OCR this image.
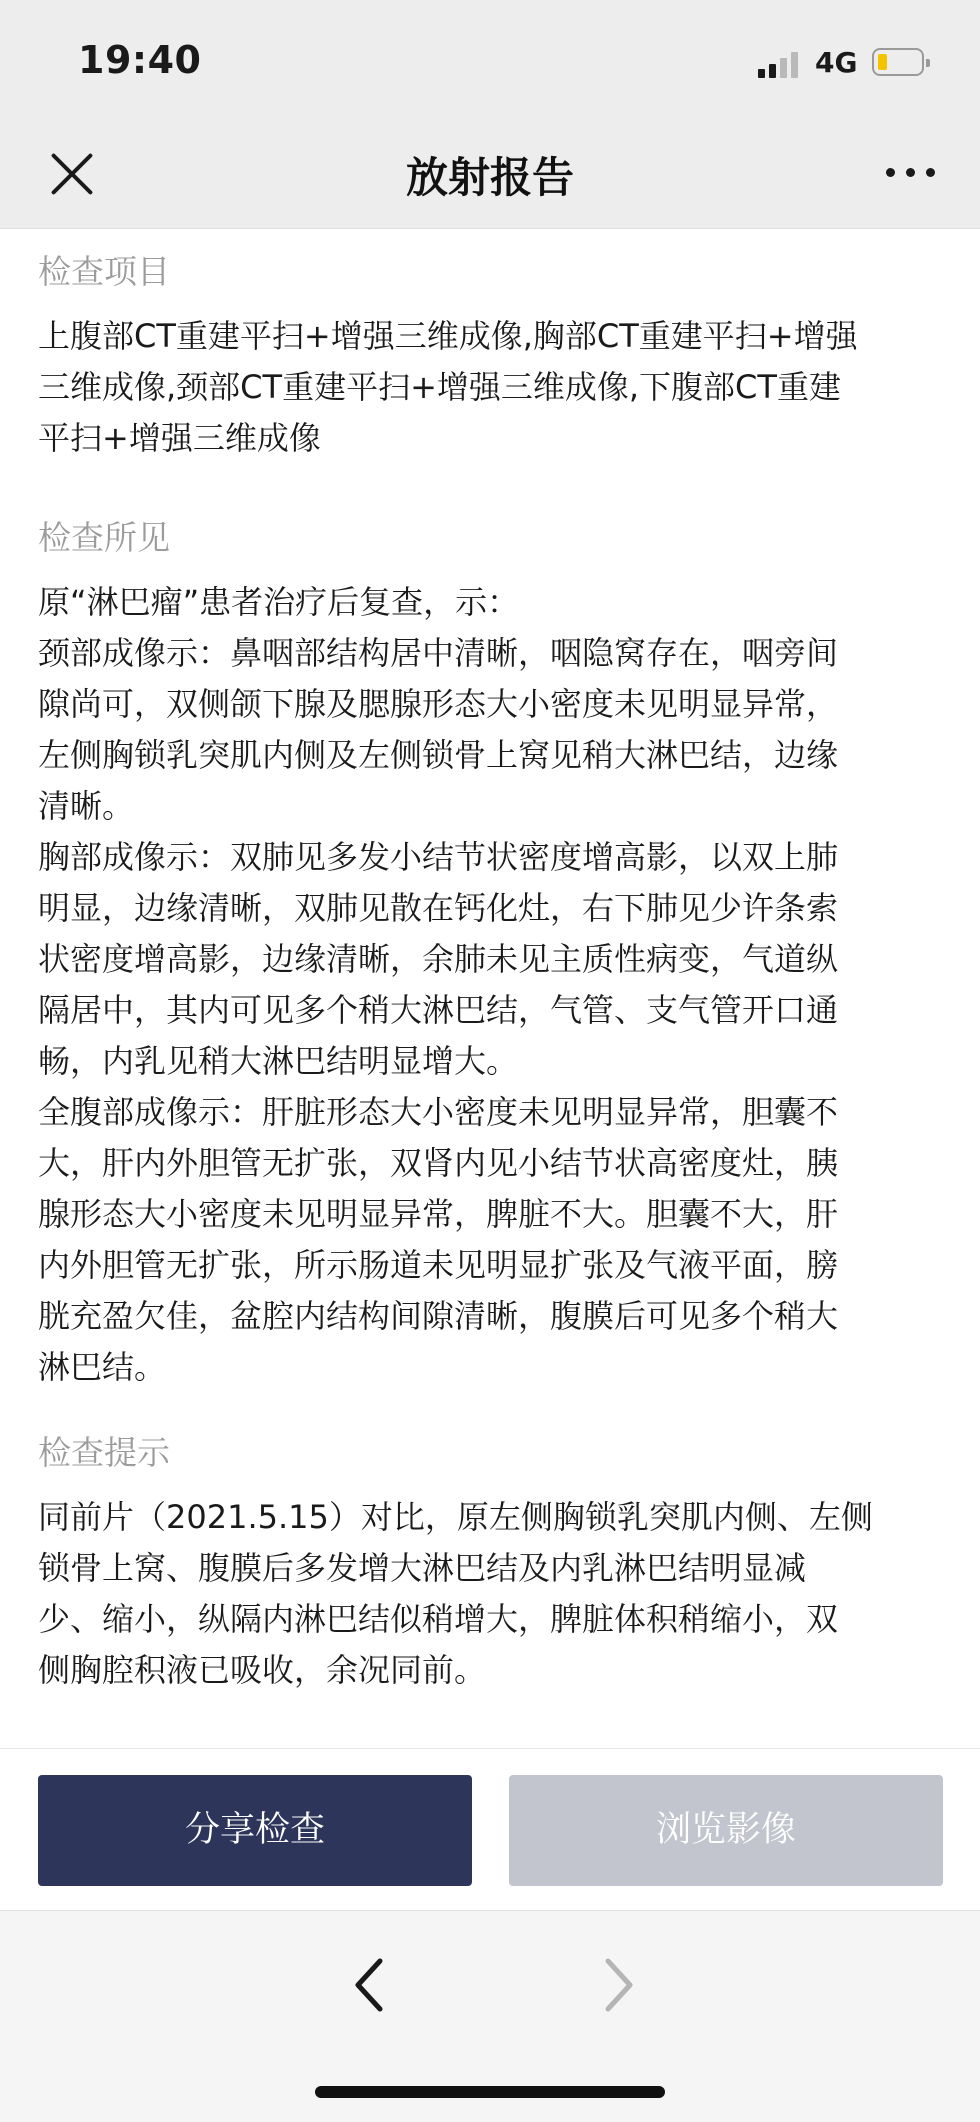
19:40	4G
放射报告
检查项目
上腹部CT重建平扫+增强三维成像,胸部CT重建平扫+增强
三维成像,颈部CT重建平扫+增强三维成像,下腹部CT重建
平扫+增强三维成像
检查所见
原“淋巴瘤”患者治疗后复查，示：
颈部成像示：鼻咽部结构居中清晰，咽隐窝存在，咽旁间
隙尚可，双侧颌下腺及腮腺形态大小密度未见明显异常，
左侧胸锁乳突肌内侧及左侧锁骨上窝见稍大淋巴结，边缘
清晰。
胸部成像示：双肺见多发小结节状密度增高影，以双上肺
明显，边缘清晰，双肺见散在钙化灶，右下肺见少许条索
状密度增高影，边缘清晰，余肺未见主质性病变，气道纵
隔居中，其内可见多个稍大淋巴结，气管、支气管开口通
畅，内乳见稍大淋巴结明显增大。
全腹部成像示：肝脏形态大小密度未见明显异常，胆囊不
大，肝内外胆管无扩张，双肾内见小结节状高密度灶，胰
腺形态大小密度未见明显异常，脾脏不大。胆囊不大，肝
内外胆管无扩张，所示肠道未见明显扩张及气液平面，膀
胱充盈欠佳，盆腔内结构间隙清晰，腹膜后可见多个稍大
淋巴结。
检查提示
同前片（2021.5.15）对比，原左侧胸锁乳突肌内侧、左侧
锁骨上窝、腹膜后多发增大淋巴结及内乳淋巴结明显减
少、缩小，纵隔内淋巴结似稍增大，脾脏体积稍缩小，双
侧胸腔积液已吸收，余况同前。
分享检查	浏览影像
